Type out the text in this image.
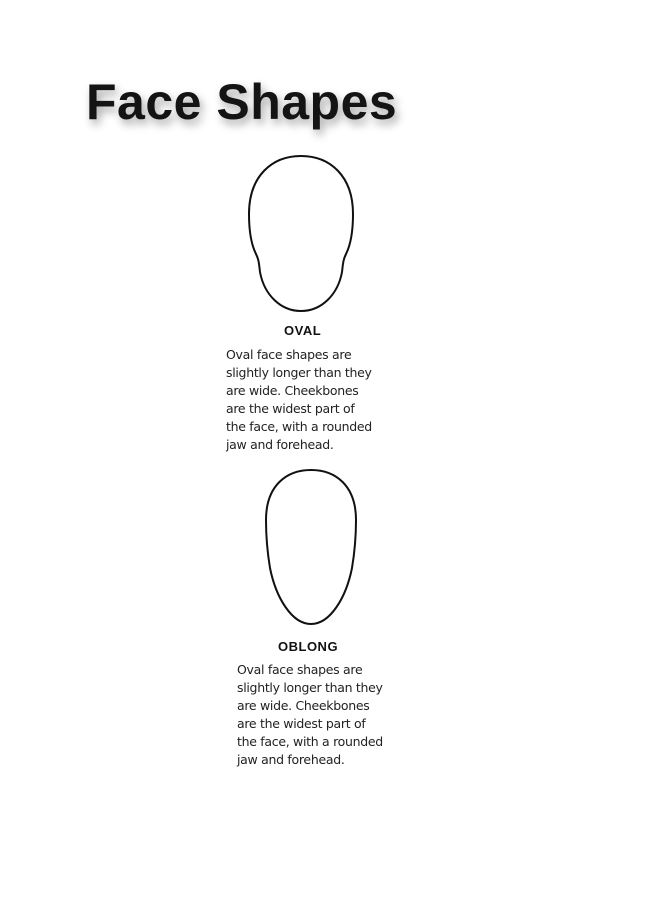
Face Shapes
OVAL

Oval face shapes are
slightly longer than they
are wide. Cheekbones
are the widest part of
the face, with a rounded
jaw and forehead.

OBLONG

Oval face shapes are
slightly longer than they
are wide. Cheekbones
are the widest part of
the face, with a rounded
jaw and forehead.
